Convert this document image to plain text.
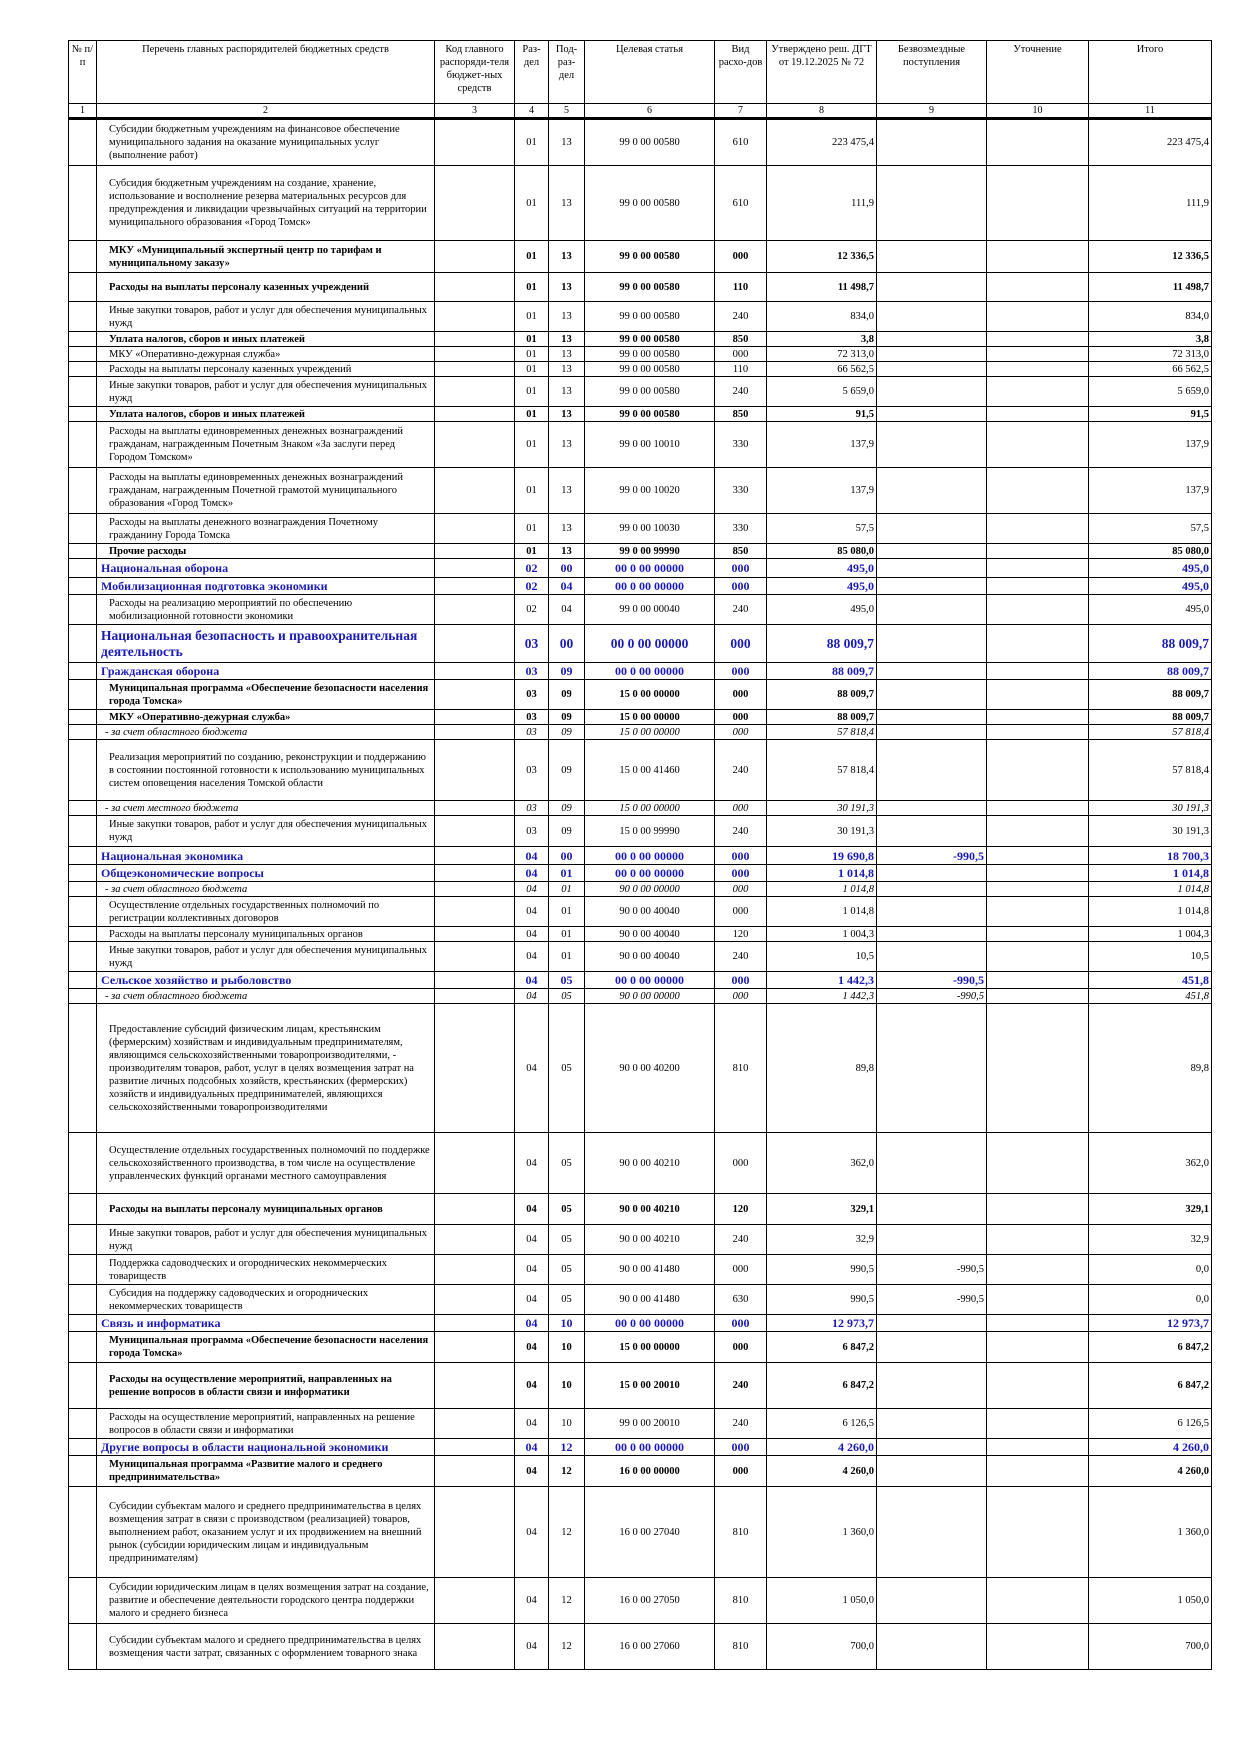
№ п/п	Перечень главных распорядителей бюджетных средств	Код главного распоряди-теля бюджет-ных средств	Раз-дел	Под-раз-дел	Целевая статья	Вид расхо-дов	Утверждено реш. ДГТ от 19.12.2025 № 72	Безвозмездные поступления	Уточнение	Итого
1	2	3	4	5	6	7	8	9	10	11
	Субсидии бюджетным учреждениям на финансовое обеспечение муниципального задания на оказание муниципальных услуг (выполнение работ)		01	13	99 0 00 00580	610	223 475,4			223 475,4
	Субсидия бюджетным учреждениям на создание, хранение, использование и восполнение резерва материальных ресурсов для предупреждения и ликвидации чрезвычайных ситуаций на территории муниципального образования «Город Томск»		01	13	99 0 00 00580	610	111,9			111,9
	МКУ «Муниципальный экспертный центр по тарифам и муниципальному заказу»		01	13	99 0 00 00580	000	12 336,5			12 336,5
	Расходы на выплаты персоналу казенных учреждений		01	13	99 0 00 00580	110	11 498,7			11 498,7
	Иные закупки товаров, работ и услуг для обеспечения муниципальных нужд		01	13	99 0 00 00580	240	834,0			834,0
	Уплата налогов, сборов и иных платежей		01	13	99 0 00 00580	850	3,8			3,8
	МКУ «Оперативно-дежурная служба»		01	13	99 0 00 00580	000	72 313,0			72 313,0
	Расходы на выплаты персоналу казенных учреждений		01	13	99 0 00 00580	110	66 562,5			66 562,5
	Иные закупки товаров, работ и услуг для обеспечения муниципальных нужд		01	13	99 0 00 00580	240	5 659,0			5 659,0
	Уплата налогов, сборов и иных платежей		01	13	99 0 00 00580	850	91,5			91,5
	Расходы на выплаты единовременных денежных вознаграждений гражданам, награжденным Почетным Знаком «За заслуги перед Городом Томском»		01	13	99 0 00 10010	330	137,9			137,9
	Расходы на выплаты единовременных денежных вознаграждений гражданам, награжденным Почетной грамотой муниципального образования «Город Томск»		01	13	99 0 00 10020	330	137,9			137,9
	Расходы на выплаты денежного вознаграждения Почетному гражданину Города Томска		01	13	99 0 00 10030	330	57,5			57,5
	Прочие расходы		01	13	99 0 00 99990	850	85 080,0			85 080,0
	Национальная оборона		02	00	00 0 00 00000	000	495,0			495,0
	Мобилизационная подготовка экономики		02	04	00 0 00 00000	000	495,0			495,0
	Расходы на реализацию мероприятий по обеспечению мобилизационной готовности экономики		02	04	99 0 00 00040	240	495,0			495,0
	Национальная безопасность и правоохранительная деятельность		03	00	00 0 00 00000	000	88 009,7			88 009,7
	Гражданская оборона		03	09	00 0 00 00000	000	88 009,7			88 009,7
	Муниципальная программа «Обеспечение безопасности населения города Томска»		03	09	15 0 00 00000	000	88 009,7			88 009,7
	МКУ «Оперативно-дежурная служба»		03	09	15 0 00 00000	000	88 009,7			88 009,7
	- за счет областного бюджета		03	09	15 0 00 00000	000	57 818,4			57 818,4
	Реализация мероприятий по созданию, реконструкции и поддержанию в состоянии постоянной готовности к использованию муниципальных систем оповещения населения Томской области		03	09	15 0 00 41460	240	57 818,4			57 818,4
	- за счет местного бюджета		03	09	15 0 00 00000	000	30 191,3			30 191,3
	Иные закупки товаров, работ и услуг для обеспечения муниципальных нужд		03	09	15 0 00 99990	240	30 191,3			30 191,3
	Национальная экономика		04	00	00 0 00 00000	000	19 690,8	-990,5		18 700,3
	Общеэкономические вопросы		04	01	00 0 00 00000	000	1 014,8			1 014,8
	- за счет областного бюджета		04	01	90 0 00 00000	000	1 014,8			1 014,8
	Осуществление отдельных государственных полномочий по регистрации коллективных договоров		04	01	90 0 00 40040	000	1 014,8			1 014,8
	Расходы на выплаты персоналу муниципальных органов		04	01	90 0 00 40040	120	1 004,3			1 004,3
	Иные закупки товаров, работ и услуг для обеспечения муниципальных нужд		04	01	90 0 00 40040	240	10,5			10,5
	Сельское хозяйство и рыболовство		04	05	00 0 00 00000	000	1 442,3	-990,5		451,8
	- за счет областного бюджета		04	05	90 0 00 00000	000	1 442,3	-990,5		451,8
	Предоставление субсидий физическим лицам, крестьянским (фермерским) хозяйствам и индивидуальным предпринимателям, являющимся сельскохозяйственными товаропроизводителями, - производителям товаров, работ, услуг в целях возмещения затрат на развитие личных подсобных хозяйств, крестьянских (фермерских) хозяйств и индивидуальных предпринимателей, являющихся сельскохозяйственными товаропроизводителями		04	05	90 0 00 40200	810	89,8			89,8
	Осуществление отдельных государственных полномочий по поддержке сельскохозяйственного производства, в том числе на осуществление управленческих функций органами местного самоуправления		04	05	90 0 00 40210	000	362,0			362,0
	Расходы на выплаты персоналу муниципальных органов		04	05	90 0 00 40210	120	329,1			329,1
	Иные закупки товаров, работ и услуг для обеспечения муниципальных нужд		04	05	90 0 00 40210	240	32,9			32,9
	Поддержка садоводческих и огороднических некоммерческих товариществ		04	05	90 0 00 41480	000	990,5	-990,5		0,0
	Субсидия на поддержку садоводческих и огороднических некоммерческих товариществ		04	05	90 0 00 41480	630	990,5	-990,5		0,0
	Связь и информатика		04	10	00 0 00 00000	000	12 973,7			12 973,7
	Муниципальная программа «Обеспечение безопасности населения города Томска»		04	10	15 0 00 00000	000	6 847,2			6 847,2
	Расходы на осуществление мероприятий, направленных на решение вопросов в области связи и информатики		04	10	15 0 00 20010	240	6 847,2			6 847,2
	Расходы на осуществление мероприятий, направленных на решение вопросов в области связи и информатики		04	10	99 0 00 20010	240	6 126,5			6 126,5
	Другие вопросы в области национальной экономики		04	12	00 0 00 00000	000	4 260,0			4 260,0
	Муниципальная программа «Развитие малого и среднего предпринимательства»		04	12	16 0 00 00000	000	4 260,0			4 260,0
	Субсидии субъектам малого и среднего предпринимательства в целях возмещения затрат в связи с производством (реализацией) товаров, выполнением работ, оказанием услуг и их продвижением на внешний рынок (субсидии юридическим лицам и индивидуальным предпринимателям)		04	12	16 0 00 27040	810	1 360,0			1 360,0
	Субсидии юридическим лицам в целях возмещения затрат на создание, развитие и обеспечение деятельности городского центра поддержки малого и среднего бизнеса		04	12	16 0 00 27050	810	1 050,0			1 050,0
	Субсидии субъектам малого и среднего предпринимательства в целях возмещения части затрат, связанных с оформлением товарного знака		04	12	16 0 00 27060	810	700,0			700,0
